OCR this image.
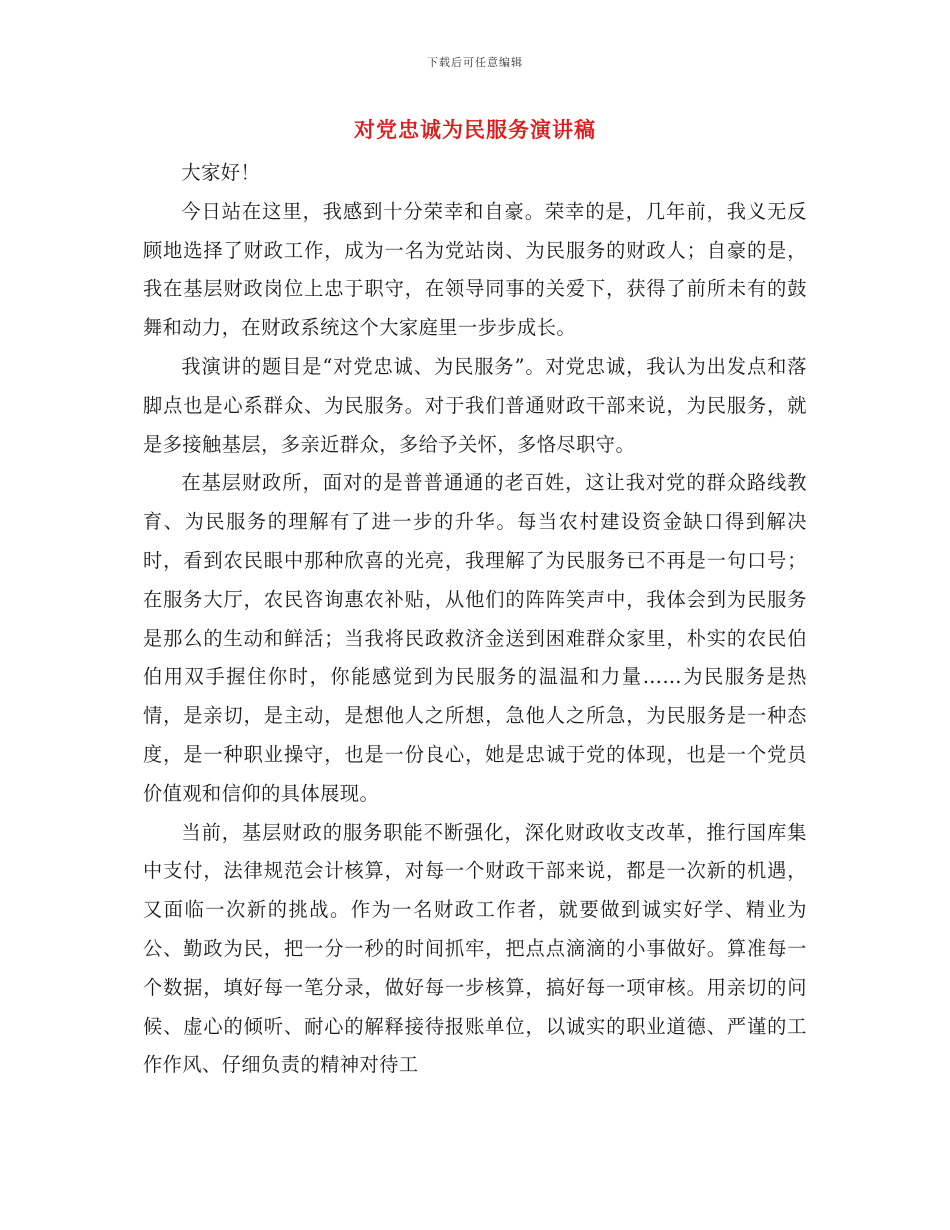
下载后可任意编辑
对党忠诚为民服务演讲稿

大家好！

今日站在这里，我感到十分荣幸和自豪。荣幸的是，几年前，我义无反顾地选择了财政工作，成为一名为党站岗、为民服务的财政人；自豪的是，我在基层财政岗位上忠于职守，在领导同事的关爱下，获得了前所未有的鼓舞和动力，在财政系统这个大家庭里一步步成长。

我演讲的题目是“对党忠诚、为民服务”。对党忠诚，我认为出发点和落脚点也是心系群众、为民服务。对于我们普通财政干部来说，为民服务，就是多接触基层，多亲近群众，多给予关怀，多恪尽职守。

在基层财政所，面对的是普普通通的老百姓，这让我对党的群众路线教育、为民服务的理解有了进一步的升华。每当农村建设资金缺口得到解决时，看到农民眼中那种欣喜的光亮，我理解了为民服务已不再是一句口号；在服务大厅，农民咨询惠农补贴，从他们的阵阵笑声中，我体会到为民服务是那么的生动和鲜活；当我将民政救济金送到困难群众家里，朴实的农民伯伯用双手握住你时，你能感觉到为民服务的温温和力量……为民服务是热情，是亲切，是主动，是想他人之所想，急他人之所急，为民服务是一种态度，是一种职业操守，也是一份良心，她是忠诚于党的体现，也是一个党员价值观和信仰的具体展现。

当前，基层财政的服务职能不断强化，深化财政收支改革，推行国库集中支付，法律规范会计核算，对每一个财政干部来说，都是一次新的机遇，又面临一次新的挑战。作为一名财政工作者，就要做到诚实好学、精业为公、勤政为民，把一分一秒的时间抓牢，把点点滴滴的小事做好。算准每一个数据，填好每一笔分录，做好每一步核算，搞好每一项审核。用亲切的问候、虚心的倾听、耐心的解释接待报账单位，以诚实的职业道德、严谨的工作作风、仔细负责的精神对待工
